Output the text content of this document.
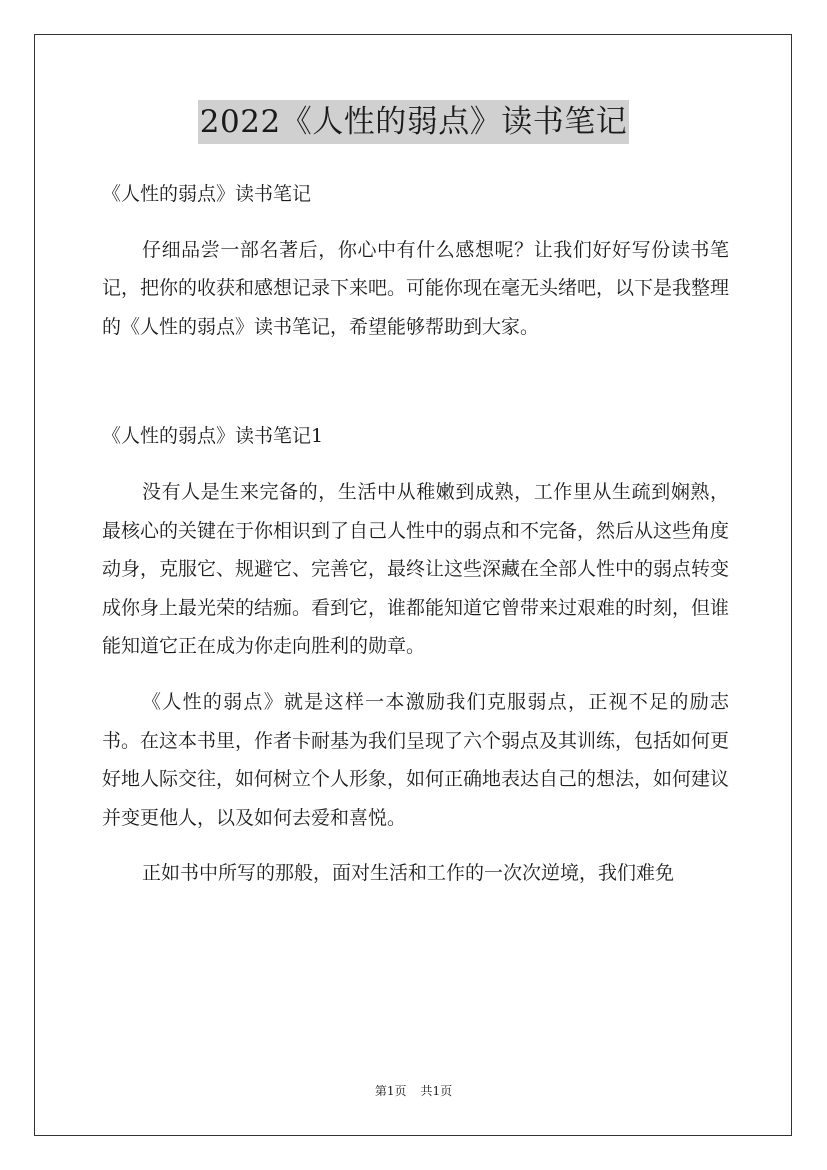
2022《人性的弱点》读书笔记

《人性的弱点》读书笔记

仔细品尝一部名著后，你心中有什么感想呢？让我们好好写份读书笔记，把你的收获和感想记录下来吧。可能你现在毫无头绪吧，以下是我整理的《人性的弱点》读书笔记，希望能够帮助到大家。

《人性的弱点》读书笔记1

没有人是生来完备的，生活中从稚嫩到成熟，工作里从生疏到娴熟，最核心的关键在于你相识到了自己人性中的弱点和不完备，然后从这些角度动身，克服它、规避它、完善它，最终让这些深藏在全部人性中的弱点转变成你身上最光荣的结痂。看到它，谁都能知道它曾带来过艰难的时刻，但谁能知道它正在成为你走向胜利的勋章。

《人性的弱点》就是这样一本激励我们克服弱点，正视不足的励志书。在这本书里，作者卡耐基为我们呈现了六个弱点及其训练，包括如何更好地人际交往，如何树立个人形象，如何正确地表达自己的想法，如何建议并变更他人，以及如何去爱和喜悦。

正如书中所写的那般，面对生活和工作的一次次逆境，我们难免

第1页 共1页
